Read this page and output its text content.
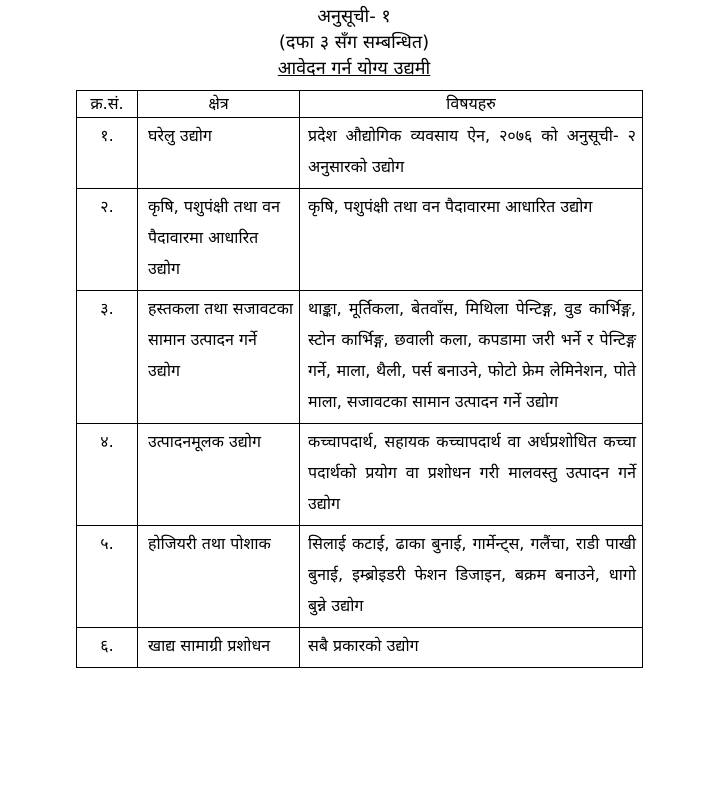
अनुसूची- १
(दफा ३ सँग सम्बन्धित)
आवेदन गर्न योग्य उद्यमी
क्र.सं.	क्षेत्र	विषयहरु
१.	घरेलु उद्योग	प्रदेश औद्योगिक व्यवसाय ऐन, २०७६ को अनुसूची- २ अनुसारको उद्योग
२.	कृषि, पशुपंक्षी तथा वन पैदावारमा आधारित उद्योग	कृषि, पशुपंक्षी तथा वन पैदावारमा आधारित उद्योग
३.	हस्तकला तथा सजावटका सामान उत्पादन गर्ने उद्योग	थाङ्का, मूर्तिकला, बेतवाँस, मिथिला पेन्टिङ्ग, वुड कार्भिङ्ग, स्टोन कार्भिङ्ग, छवाली कला, कपडामा जरी भर्ने र पेन्टिङ्ग गर्ने, माला, थैली, पर्स बनाउने, फोटो फ्रेम लेमिनेशन, पोते माला, सजावटका सामान उत्पादन गर्ने उद्योग
४.	उत्पादनमूलक उद्योग	कच्चापदार्थ, सहायक कच्चापदार्थ वा अर्धप्रशोधित कच्चा पदार्थको प्रयोग वा प्रशोधन गरी मालवस्तु उत्पादन गर्ने उद्योग
५.	होजियरी तथा पोशाक	सिलाई कटाई, ढाका बुनाई, गार्मेन्ट्स, गलैंचा, राडी पाखी बुनाई, इम्ब्रोइडरी फेशन डिजाइन, बक्रम बनाउने, धागो बुन्ने उद्योग
६.	खाद्य सामाग्री प्रशोधन	सबै प्रकारको उद्योग
